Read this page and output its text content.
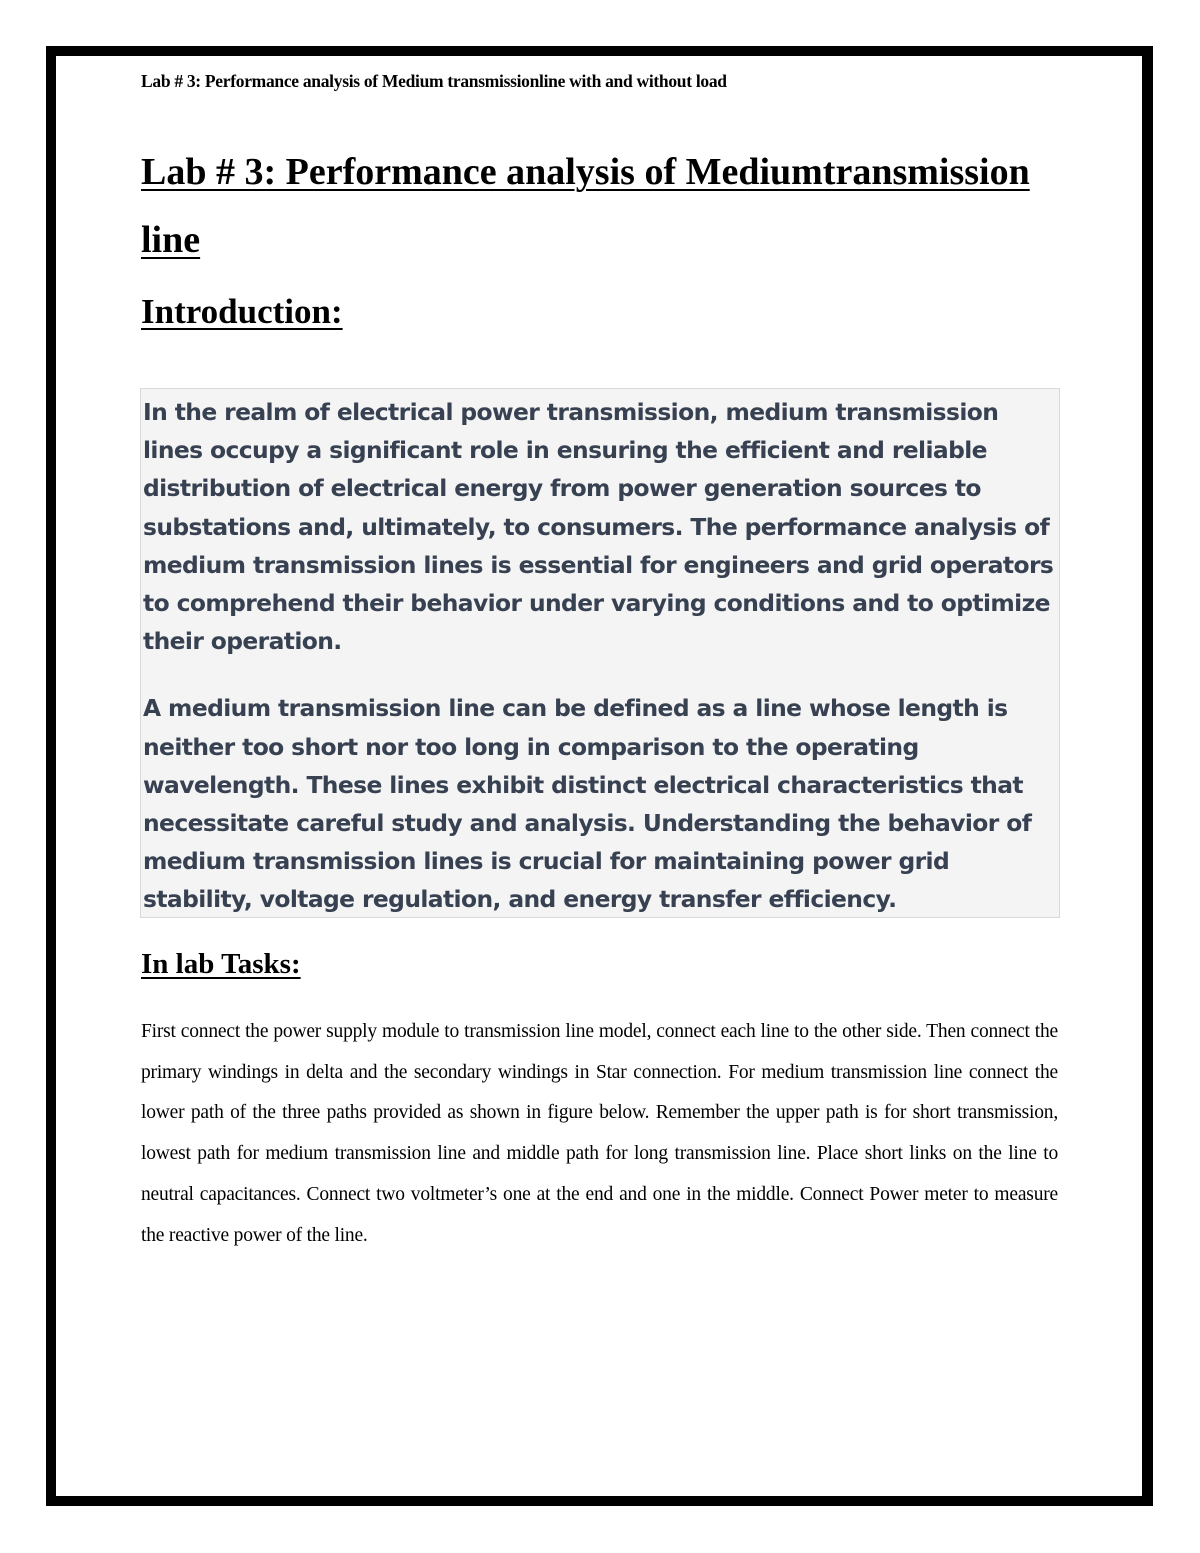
Lab # 3: Performance analysis of Medium transmissionline with and without load
Lab # 3: Performance analysis of Mediumtransmission line
Introduction:

In the realm of electrical power transmission, medium transmission lines occupy a significant role in ensuring the efficient and reliable distribution of electrical energy from power generation sources to substations and, ultimately, to consumers. The performance analysis of medium transmission lines is essential for engineers and grid operators to comprehend their behavior under varying conditions and to optimize their operation.

A medium transmission line can be defined as a line whose length is neither too short nor too long in comparison to the operating wavelength. These lines exhibit distinct electrical characteristics that necessitate careful study and analysis. Understanding the behavior of medium transmission lines is crucial for maintaining power grid stability, voltage regulation, and energy transfer efficiency.

In lab Tasks:

First connect the power supply module to transmission line model, connect each line to the other side. Then connect the primary windings in delta and the secondary windings in Star connection. For medium transmission line connect the lower path of the three paths provided as shown in figure below. Remember the upper path is for short transmission, lowest path for medium transmission line and middle path for long transmission line. Place short links on the line to neutral capacitances. Connect two voltmeter’s one at the end and one in the middle. Connect Power meter to measure the reactive power of the line.
